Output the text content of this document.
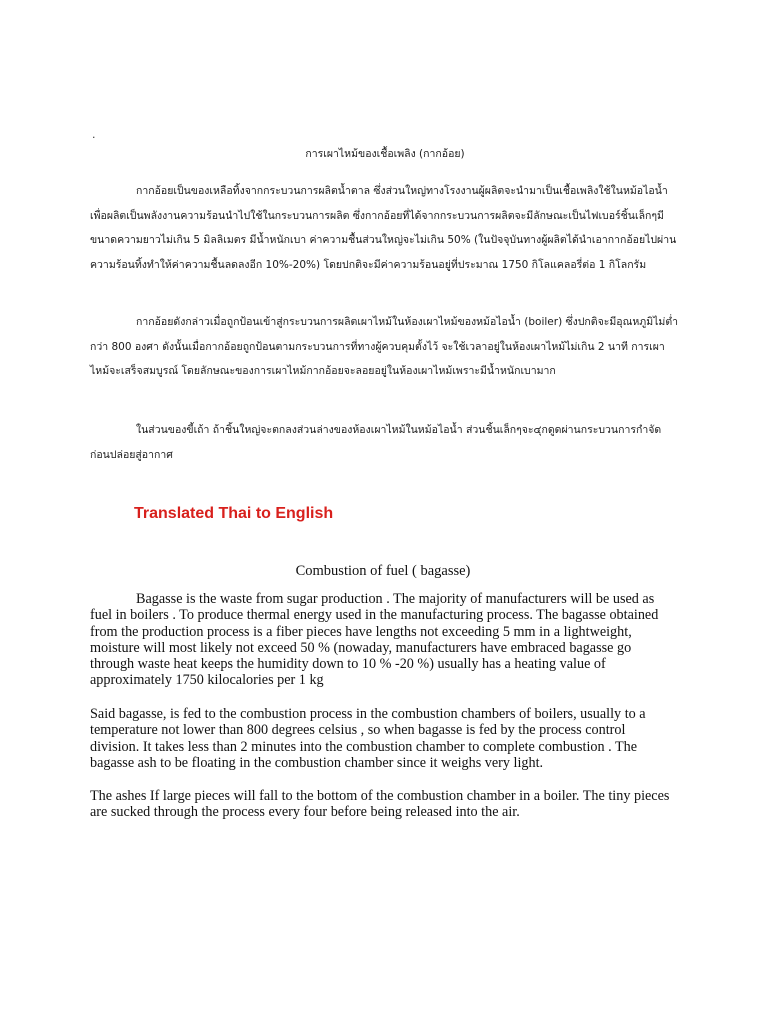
.

การเผาไหม้ของเชื้อเพลิง (กากอ้อย)

กากอ้อยเป็นของเหลือทิ้งจากกระบวนการผลิตน้ำตาล ซึ่งส่วนใหญ่ทางโรงงานผู้ผลิตจะนำมาเป็นเชื้อเพลิงใช้ในหม้อไอน้ำ เพื่อผลิตเป็นพลังงานความร้อนนำไปใช้ในกระบวนการผลิต ซึ่งกากอ้อยที่ได้จากกระบวนการผลิตจะมีลักษณะเป็นไฟเบอร์ชิ้นเล็กๆมีขนาดความยาวไม่เกิน 5 มิลลิเมตร มีน้ำหนักเบา ค่าความชื้นส่วนใหญ่จะไม่เกิน 50% (ในปัจจุบันทางผู้ผลิตได้นำเอากากอ้อยไปผ่านความร้อนทิ้งทำให้ค่าความชื้นลดลงอีก 10%-20%) โดยปกติจะมีค่าความร้อนอยู่ที่ประมาณ 1750 กิโลแคลอรี่ต่อ 1 กิโลกรัม

กากอ้อยดังกล่าวเมื่อถูกป้อนเข้าสู่กระบวนการผลิตเผาไหม้ในห้องเผาไหม้ของหม้อไอน้ำ (boiler) ซึ่งปกติจะมีอุณหภูมิไม่ต่ำกว่า 800 องศา ดังนั้นเมื่อกากอ้อยถูกป้อนตามกระบวนการที่ทางผู้ควบคุมตั้งไว้ จะใช้เวลาอยู่ในห้องเผาไหม้ไม่เกิน 2 นาที การเผาไหม้จะเสร็จสมบูรณ์ โดยลักษณะของการเผาไหม้กากอ้อยจะลอยอยู่ในห้องเผาไหม้เพราะมีน้ำหนักเบามาก

ในส่วนของขี้เถ้า ถ้าชิ้นใหญ่จะตกลงส่วนล่างของห้องเผาไหม้ในหม้อไอน้ำ ส่วนชิ้นเล็กๆจะ๔ุกดูดผ่านกระบวนการกำจัดก่อนปล่อยสู่อากาศ

Translated Thai to English

Combustion of fuel ( bagasse)

Bagasse is the waste from sugar production . The majority of manufacturers will be used as fuel in boilers . To produce thermal energy used in the manufacturing process. The bagasse obtained from the production process is a fiber pieces have lengths not exceeding 5 mm in a lightweight, moisture will most likely not exceed 50 % (nowaday, manufacturers have embraced bagasse go through waste heat keeps the humidity down to 10 % -20 %) usually has a heating value of approximately 1750 kilocalories per 1 kg

Said bagasse, is fed to the combustion process in the combustion chambers of boilers, usually to a temperature not lower than 800 degrees celsius , so when bagasse is fed by the process control division. It takes less than 2 minutes into the combustion chamber to complete combustion . The bagasse ash to be floating in the combustion chamber since it weighs very light.

The ashes If large pieces will fall to the bottom of the combustion chamber in a boiler. The tiny pieces are sucked through the process every four before being released into the air.
